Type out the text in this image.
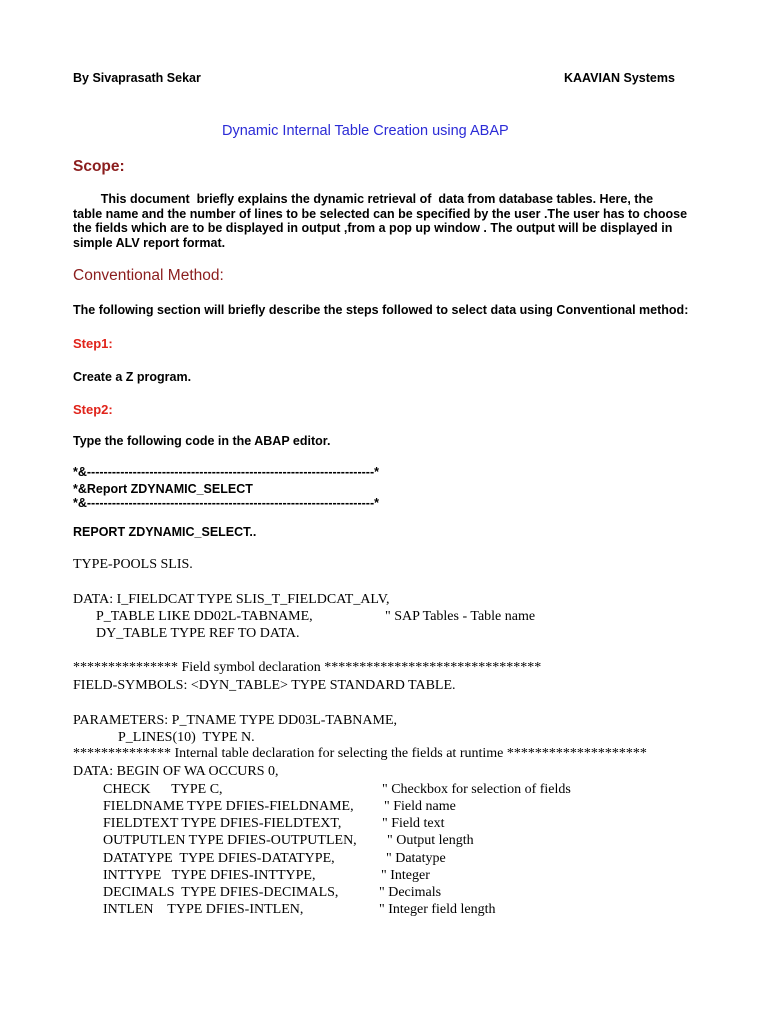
By Sivaprasath Sekar	KAAVIAN Systems
Dynamic Internal Table Creation using ABAP
Scope:

This document  briefly explains the dynamic retrieval of  data from database tables. Here, the

table name and the number of lines to be selected can be specified by the user .The user has to choose

the fields which are to be displayed in output ,from a pop up window . The output will be displayed in

simple ALV report format.

Conventional Method:
The following section will briefly describe the steps followed to select data using Conventional method:
Step1:
Create a Z program.
Step2:
Type the following code in the ABAP editor.
*&---------------------------------------------------------------------*
*&Report ZDYNAMIC_SELECT
*&---------------------------------------------------------------------*
REPORT ZDYNAMIC_SELECT..
TYPE-POOLS SLIS.
DATA: I_FIELDCAT TYPE SLIS_T_FIELDCAT_ALV,
P_TABLE LIKE DD02L-TABNAME,	" SAP Tables - Table name
DY_TABLE TYPE REF TO DATA.
*************** Field symbol declaration *******************************
FIELD-SYMBOLS: <DYN_TABLE> TYPE STANDARD TABLE.
PARAMETERS: P_TNAME TYPE DD03L-TABNAME,
P_LINES(10)  TYPE N.
************** Internal table declaration for selecting the fields at runtime ********************
DATA: BEGIN OF WA OCCURS 0,
CHECK      TYPE C,	" Checkbox for selection of fields
FIELDNAME TYPE DFIES-FIELDNAME, " Field name
FIELDTEXT TYPE DFIES-FIELDTEXT,	" Field text
OUTPUTLEN TYPE DFIES-OUTPUTLEN, " Output length
DATATYPE  TYPE DFIES-DATATYPE,	" Datatype
INTTYPE   TYPE DFIES-INTTYPE,	" Integer
DECIMALS  TYPE DFIES-DECIMALS,	" Decimals
INTLEN    TYPE DFIES-INTLEN,	" Integer field length
